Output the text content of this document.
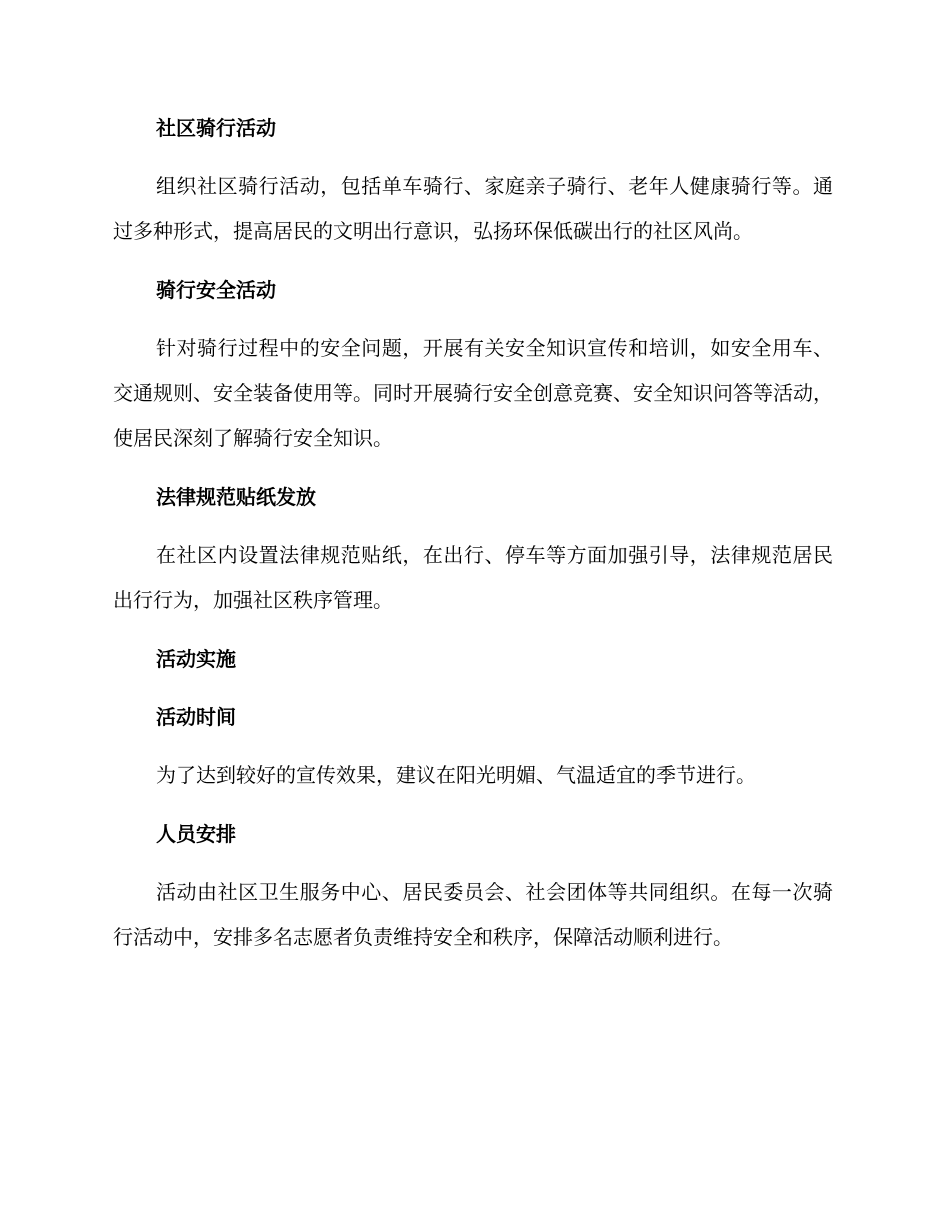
社区骑行活动
组织社区骑行活动，包括单车骑行、家庭亲子骑行、老年人健康骑行等。通过多种形式，提高居民的文明出行意识，弘扬环保低碳出行的社区风尚。
骑行安全活动
针对骑行过程中的安全问题，开展有关安全知识宣传和培训，如安全用车、交通规则、安全装备使用等。同时开展骑行安全创意竞赛、安全知识问答等活动，使居民深刻了解骑行安全知识。
法律规范贴纸发放
在社区内设置法律规范贴纸，在出行、停车等方面加强引导，法律规范居民出行行为，加强社区秩序管理。
活动实施
活动时间
为了达到较好的宣传效果，建议在阳光明媚、气温适宜的季节进行。
人员安排
活动由社区卫生服务中心、居民委员会、社会团体等共同组织。在每一次骑行活动中，安排多名志愿者负责维持安全和秩序，保障活动顺利进行。
